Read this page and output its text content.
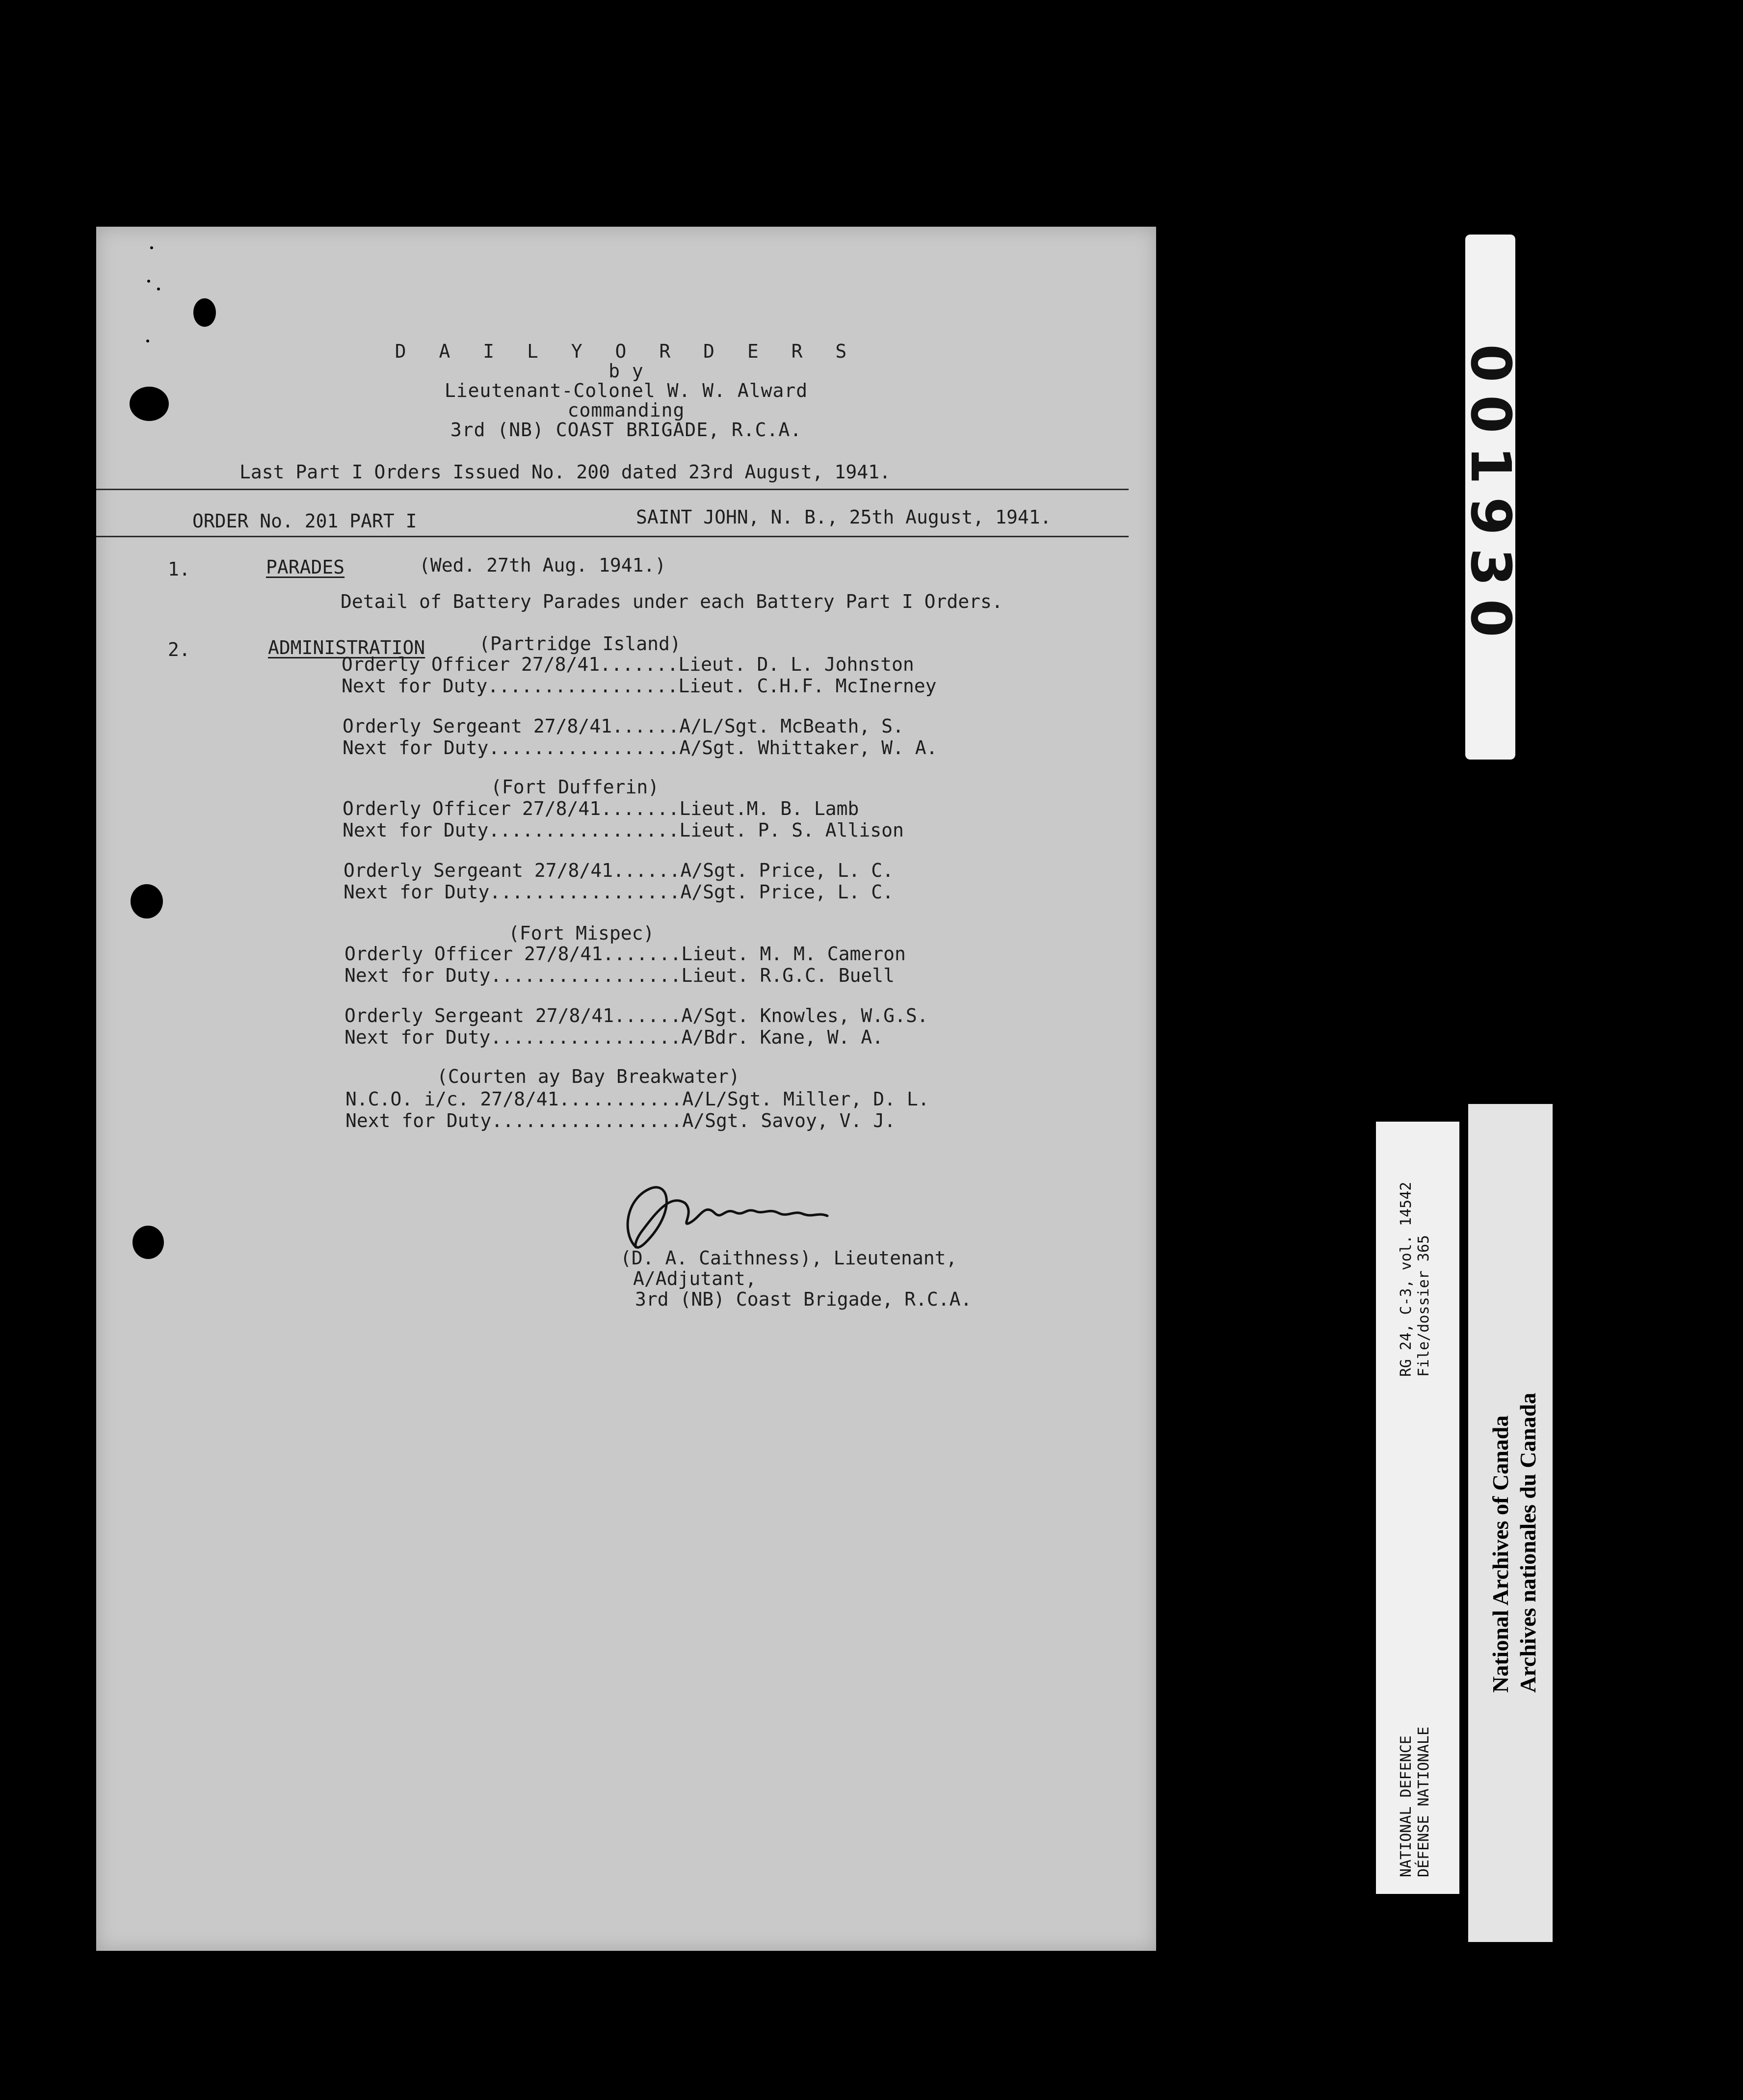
D A I L Y O R D E R S
b y
Lieutenant-Colonel W. W. Alward
commanding
3rd (NB) COAST BRIGADE, R.C.A.
Last Part I Orders Issued No. 200 dated 23rd August, 1941.
ORDER No. 201 PART I	SAINT JOHN, N. B., 25th August, 1941.
1.	PARADES	(Wed. 27th Aug. 1941.)
Detail of Battery Parades under each Battery Part I Orders.
2.	ADMINISTRATION	(Partridge Island)
Orderly Officer 27/8/41.......Lieut. D. L. Johnston
Next for Duty.................Lieut. C.H.F. McInerney
Orderly Sergeant 27/8/41......A/L/Sgt. McBeath, S.
Next for Duty.................A/Sgt. Whittaker, W. A.
(Fort Dufferin)
Orderly Officer 27/8/41.......Lieut.M. B. Lamb
Next for Duty.................Lieut. P. S. Allison
Orderly Sergeant 27/8/41......A/Sgt. Price, L. C.
Next for Duty.................A/Sgt. Price, L. C.
(Fort Mispec)
Orderly Officer 27/8/41.......Lieut. M. M. Cameron
Next for Duty.................Lieut. R.G.C. Buell
Orderly Sergeant 27/8/41......A/Sgt. Knowles, W.G.S.
Next for Duty.................A/Bdr. Kane, W. A.
(Courten ay Bay Breakwater)
N.C.O. i/c. 27/8/41...........A/L/Sgt. Miller, D. L.
Next for Duty.................A/Sgt. Savoy, V. J.
(D. A. Caithness), Lieutenant,
A/Adjutant,
3rd (NB) Coast Brigade, R.C.A.
001930
RG 24, C-3, vol. 14542 File/dossier 365
NATIONAL DEFENCE DÉFENSE NATIONALE
National Archives of Canada Archives nationales du Canada
